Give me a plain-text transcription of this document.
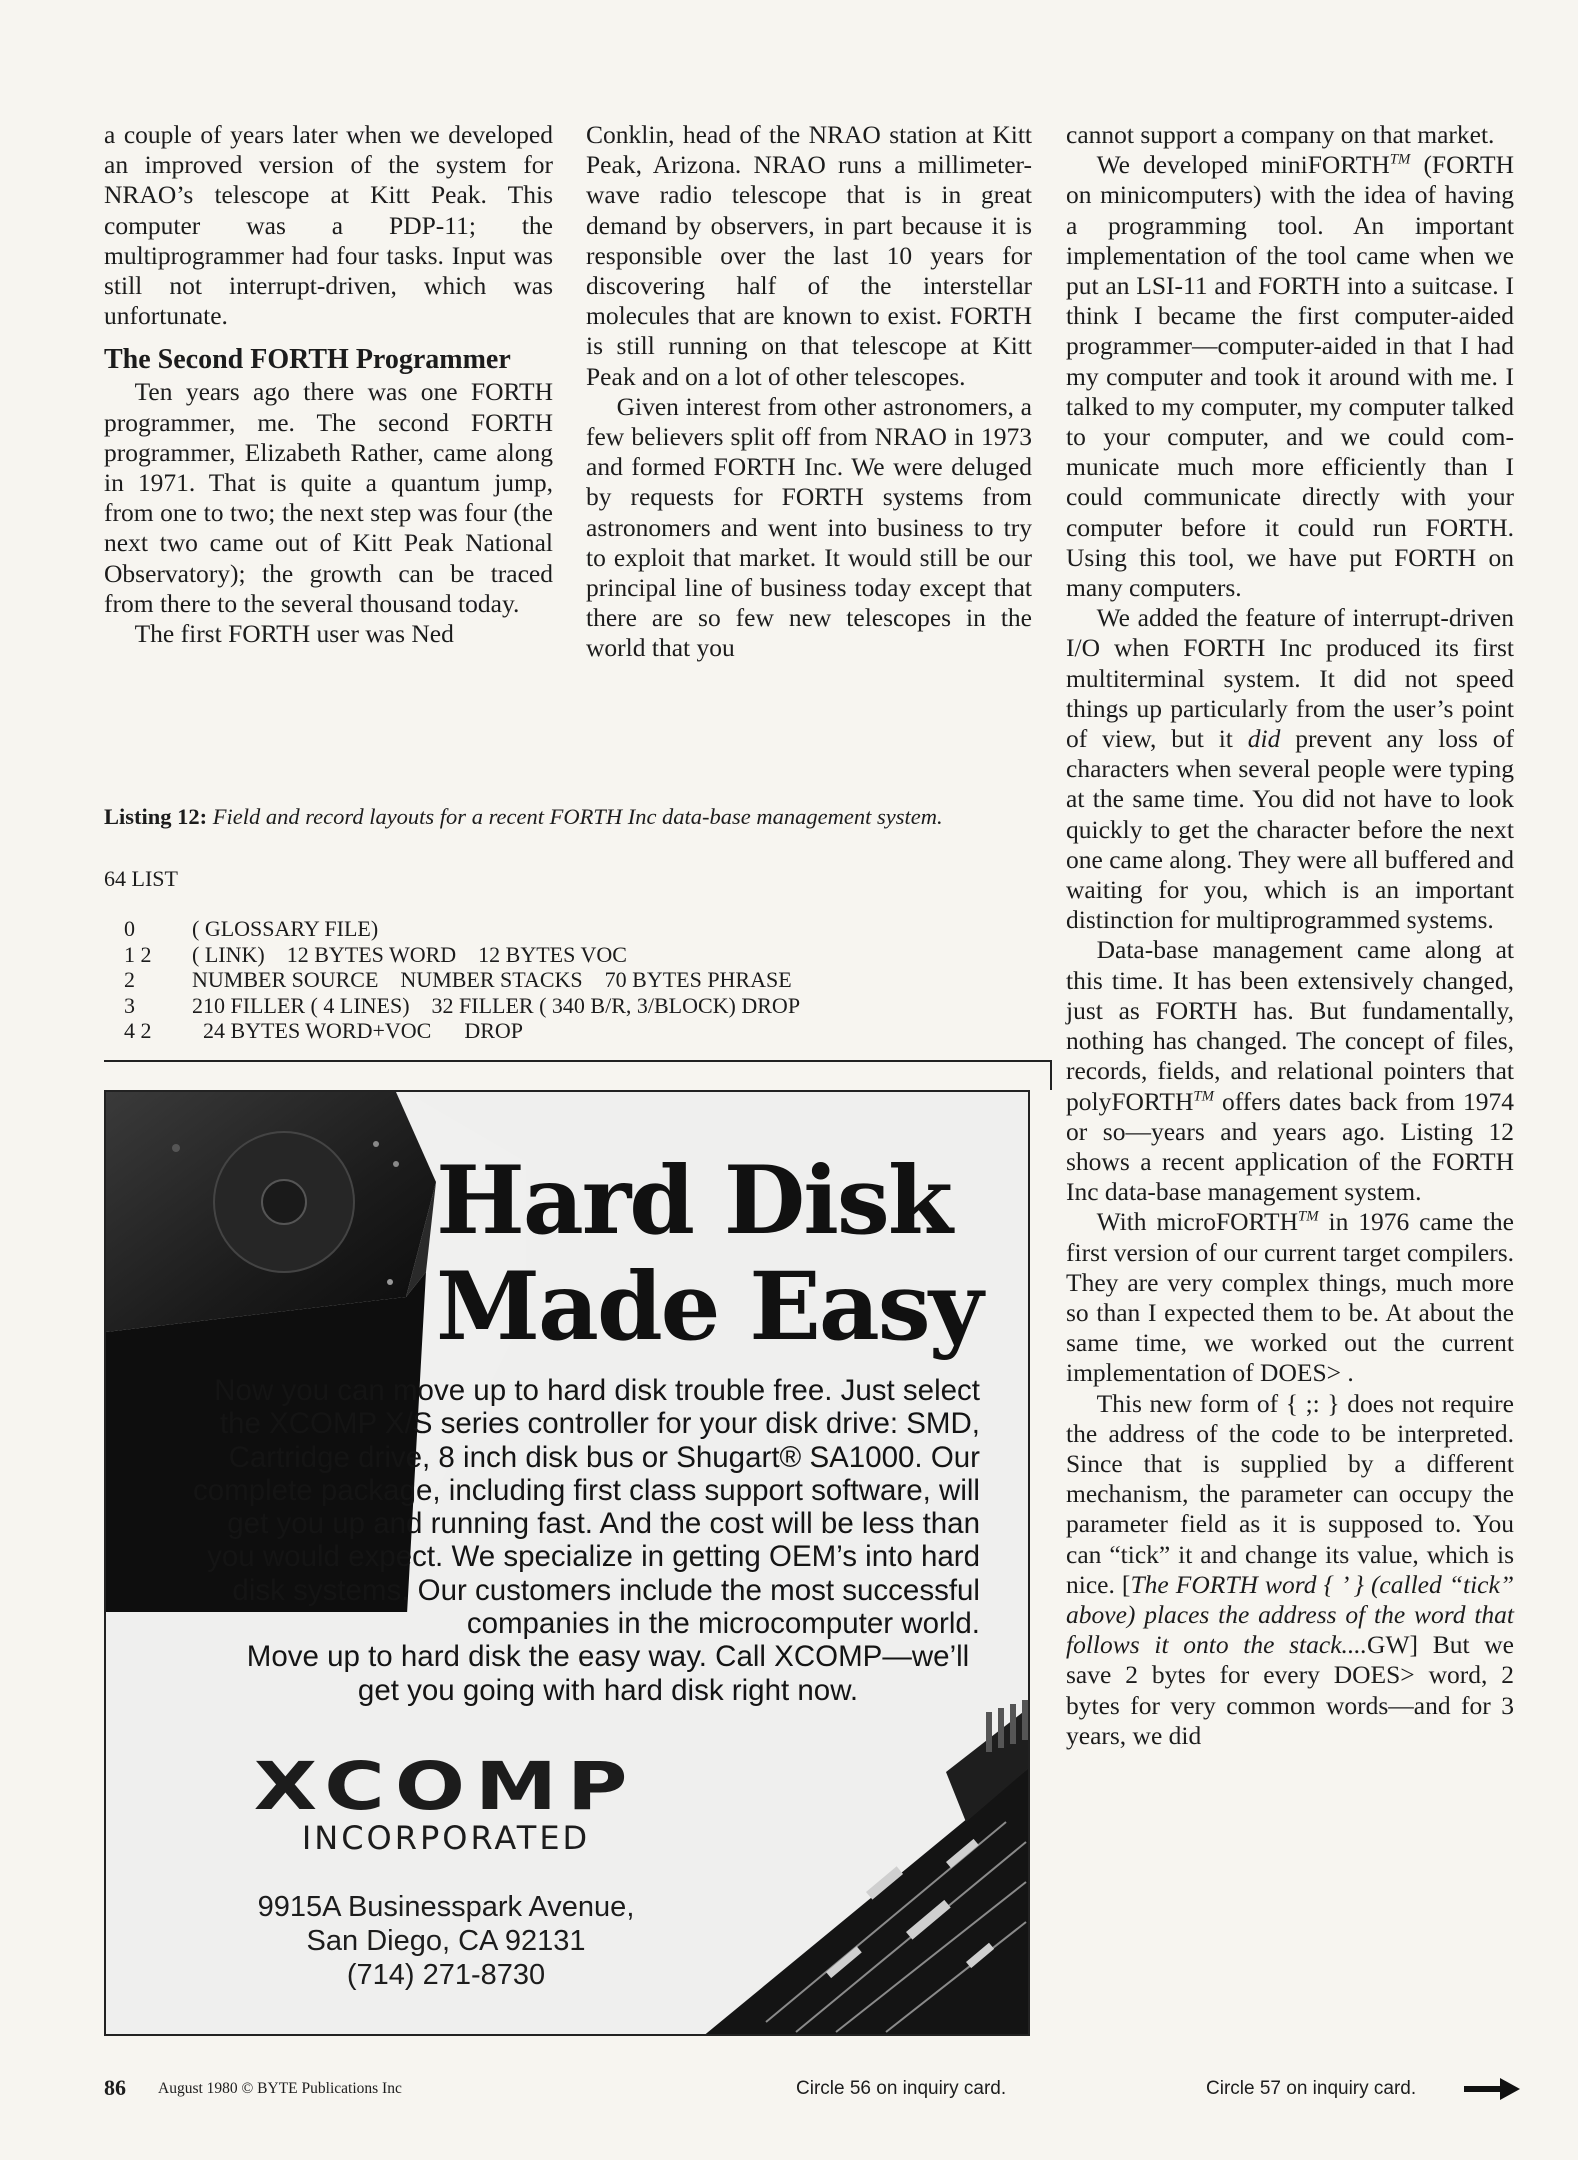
a couple of years later when we developed an improved version of the system for NRAO’s telescope at Kitt Peak. This computer was a PDP-11; the multiprogrammer had four tasks. Input was still not interrupt-driven, which was unfortunate.

The Second FORTH Programmer

Ten years ago there was one FORTH programmer, me. The second FORTH programmer, Elizabeth Rather, came along in 1971. That is quite a quantum jump, from one to two; the next step was four (the next two came out of Kitt Peak National Observatory); the growth can be traced from there to the several thousand today.

The first FORTH user was Ned

Conklin, head of the NRAO station at Kitt Peak, Arizona. NRAO runs a millimeter-wave radio telescope that is in great demand by observers, in part because it is responsible over the last 10 years for discovering half of the interstellar molecules that are known to exist. FORTH is still running on that telescope at Kitt Peak and on a lot of other telescopes.

Given interest from other astronomers, a few believers split off from NRAO in 1973 and formed FORTH Inc. We were deluged by requests for FORTH systems from astronomers and went into business to try to exploit that market. It would still be our principal line of business today except that there are so few new telescopes in the world that you

cannot support a company on that market.

We developed miniFORTH™ (FORTH on minicomputers) with the idea of having a programming tool. An important implementation of the tool came when we put an LSI-11 and FORTH into a suitcase. I think I became the first computer-aided programmer—computer-aided in that I had my computer and took it around with me. I talked to my computer, my computer talked to your computer, and we could communicate much more efficiently than I could communicate directly with your computer before it could run FORTH. Using this tool, we have put FORTH on many computers.

We added the feature of interrupt-driven I/O when FORTH Inc produced its first multiterminal system. It did not speed things up particularly from the user’s point of view, but it did prevent any loss of characters when several people were typing at the same time. You did not have to look quickly to get the character before the next one came along. They were all buffered and waiting for you, which is an important distinction for multiprogrammed systems.

Data-base management came along at this time. It has been extensively changed, just as FORTH has. But fundamentally, nothing has changed. The concept of files, records, fields, and relational pointers that polyFORTH™ offers dates back from 1974 or so—years and years ago. Listing 12 shows a recent application of the FORTH Inc data-base management system.

With microFORTH™ in 1976 came the first version of our current target compilers. They are very complex things, much more so than I expected them to be. At about the same time, we worked out the current implementation of DOES> .

This new form of { ;: } does not require the address of the code to be interpreted. Since that is supplied by a different mechanism, the parameter can occupy the parameter field as it is supposed to. You can “tick” it and change its value, which is nice. [The FORTH word { ’ } (called “tick” above) places the address of the word that follows it onto the stack....GW] But we save 2 bytes for every DOES> word, 2 bytes for very common words—and for 3 years, we did

Listing 12: Field and record layouts for a recent FORTH Inc data-base management system.
64 LIST
0	( GLOSSARY FILE)
1 2 ( LINK)    12 BYTES WORD    12 BYTES VOC
2	NUMBER SOURCE    NUMBER STACKS    70 BYTES PHRASE
3	210 FILLER ( 4 LINES)    32 FILLER ( 340 B/R, 3/BLOCK) DROP
4 2 24 BYTES WORD+VOC      DROP
Hard Disk
Made Easy

Now you can move up to hard disk trouble free. Just select the XCOMP X/S series controller for your disk drive: SMD, Cartridge drive, 8 inch disk bus or Shugart® SA1000. Our complete package, including first class support software, will get you up and running fast. And the cost will be less than you would expect. We specialize in getting OEM’s into hard disk systems. Our customers include the most successful companies in the microcomputer world.

Move up to hard disk the easy way. Call XCOMP—we’ll get you going with hard disk right now.

XCOMP
INCORPORATED
9915A Businesspark Avenue,
San Diego, CA 92131
(714) 271-8730
86 August 1980 © BYTE Publications Inc	Circle 56 on inquiry card.	Circle 57 on inquiry card.
